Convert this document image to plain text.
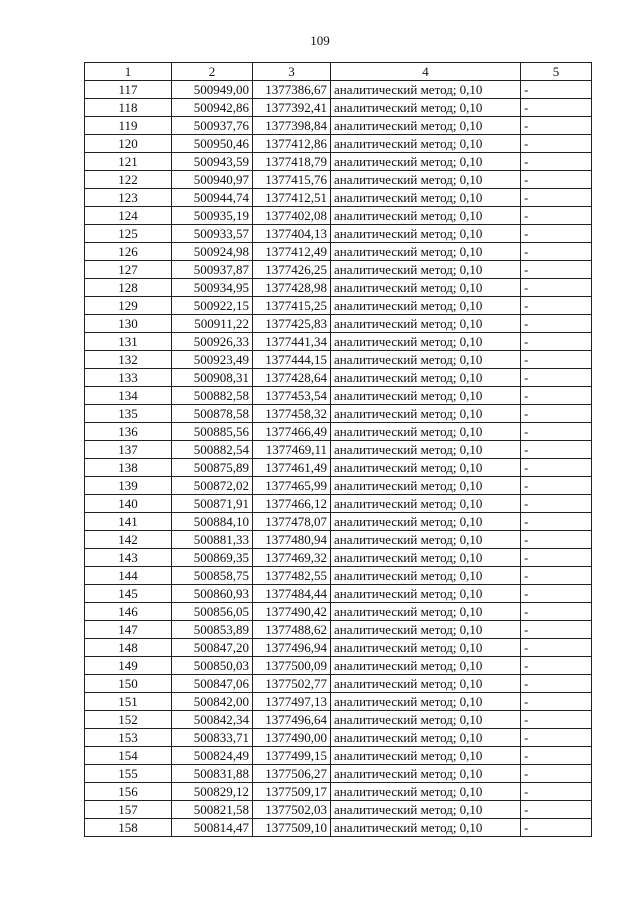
109
1	2	3	4	5
117	500949,00	1377386,67	аналитический метод; 0,10	-
118	500942,86	1377392,41	аналитический метод; 0,10	-
119	500937,76	1377398,84	аналитический метод; 0,10	-
120	500950,46	1377412,86	аналитический метод; 0,10	-
121	500943,59	1377418,79	аналитический метод; 0,10	-
122	500940,97	1377415,76	аналитический метод; 0,10	-
123	500944,74	1377412,51	аналитический метод; 0,10	-
124	500935,19	1377402,08	аналитический метод; 0,10	-
125	500933,57	1377404,13	аналитический метод; 0,10	-
126	500924,98	1377412,49	аналитический метод; 0,10	-
127	500937,87	1377426,25	аналитический метод; 0,10	-
128	500934,95	1377428,98	аналитический метод; 0,10	-
129	500922,15	1377415,25	аналитический метод; 0,10	-
130	500911,22	1377425,83	аналитический метод; 0,10	-
131	500926,33	1377441,34	аналитический метод; 0,10	-
132	500923,49	1377444,15	аналитический метод; 0,10	-
133	500908,31	1377428,64	аналитический метод; 0,10	-
134	500882,58	1377453,54	аналитический метод; 0,10	-
135	500878,58	1377458,32	аналитический метод; 0,10	-
136	500885,56	1377466,49	аналитический метод; 0,10	-
137	500882,54	1377469,11	аналитический метод; 0,10	-
138	500875,89	1377461,49	аналитический метод; 0,10	-
139	500872,02	1377465,99	аналитический метод; 0,10	-
140	500871,91	1377466,12	аналитический метод; 0,10	-
141	500884,10	1377478,07	аналитический метод; 0,10	-
142	500881,33	1377480,94	аналитический метод; 0,10	-
143	500869,35	1377469,32	аналитический метод; 0,10	-
144	500858,75	1377482,55	аналитический метод; 0,10	-
145	500860,93	1377484,44	аналитический метод; 0,10	-
146	500856,05	1377490,42	аналитический метод; 0,10	-
147	500853,89	1377488,62	аналитический метод; 0,10	-
148	500847,20	1377496,94	аналитический метод; 0,10	-
149	500850,03	1377500,09	аналитический метод; 0,10	-
150	500847,06	1377502,77	аналитический метод; 0,10	-
151	500842,00	1377497,13	аналитический метод; 0,10	-
152	500842,34	1377496,64	аналитический метод; 0,10	-
153	500833,71	1377490,00	аналитический метод; 0,10	-
154	500824,49	1377499,15	аналитический метод; 0,10	-
155	500831,88	1377506,27	аналитический метод; 0,10	-
156	500829,12	1377509,17	аналитический метод; 0,10	-
157	500821,58	1377502,03	аналитический метод; 0,10	-
158	500814,47	1377509,10	аналитический метод; 0,10	-
